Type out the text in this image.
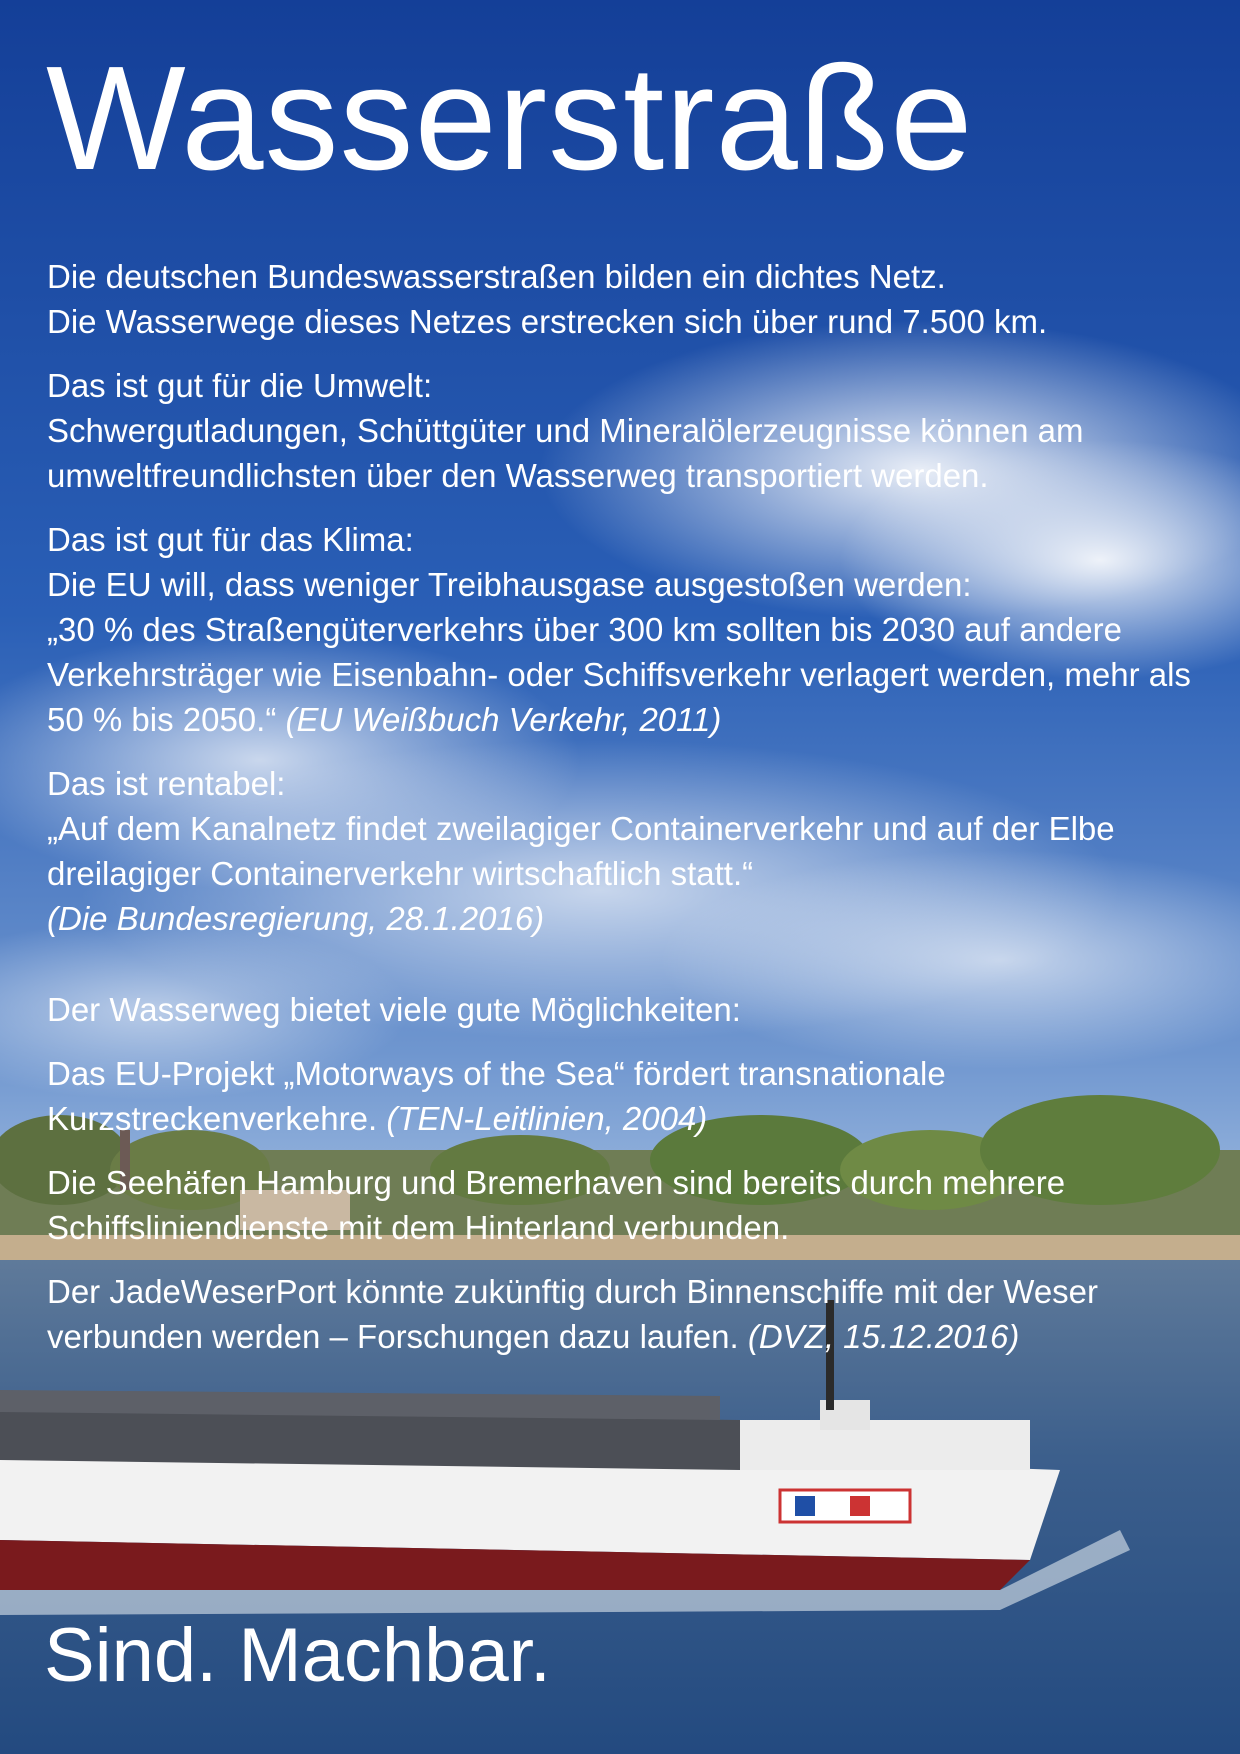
Wasserstraße

Die deutschen Bundeswasserstraßen bilden ein dichtes Netz.
Die Wasserwege dieses Netzes erstrecken sich über rund 7.500 km.

Das ist gut für die Umwelt:
Schwergutladungen, Schüttgüter und Mineralölerzeugnisse können am umweltfreundlichsten über den Wasserweg transportiert werden.

Das ist gut für das Klima:
Die EU will, dass weniger Treibhausgase ausgestoßen werden:
„30 % des Straßengüterverkehrs über 300 km sollten bis 2030 auf andere Verkehrsträger wie Eisenbahn- oder Schiffsverkehr verlagert werden, mehr als 50 % bis 2050.“ (EU Weißbuch Verkehr, 2011)

Das ist rentabel:
„Auf dem Kanalnetz findet zweilagiger Containerverkehr und auf der Elbe dreilagiger Containerverkehr wirtschaftlich statt.“
(Die Bundesregierung, 28.1.2016)

Der Wasserweg bietet viele gute Möglichkeiten:

Das EU-Projekt „Motorways of the Sea“ fördert transnationale Kurzstreckenverkehre. (TEN-Leitlinien, 2004)

Die Seehäfen Hamburg und Bremerhaven sind bereits durch mehrere Schiffsliniendienste mit dem Hinterland verbunden.

Der JadeWeserPort könnte zukünftig durch Binnenschiffe mit der Weser verbunden werden – Forschungen dazu laufen. (DVZ, 15.12.2016)

Sind. Machbar.
